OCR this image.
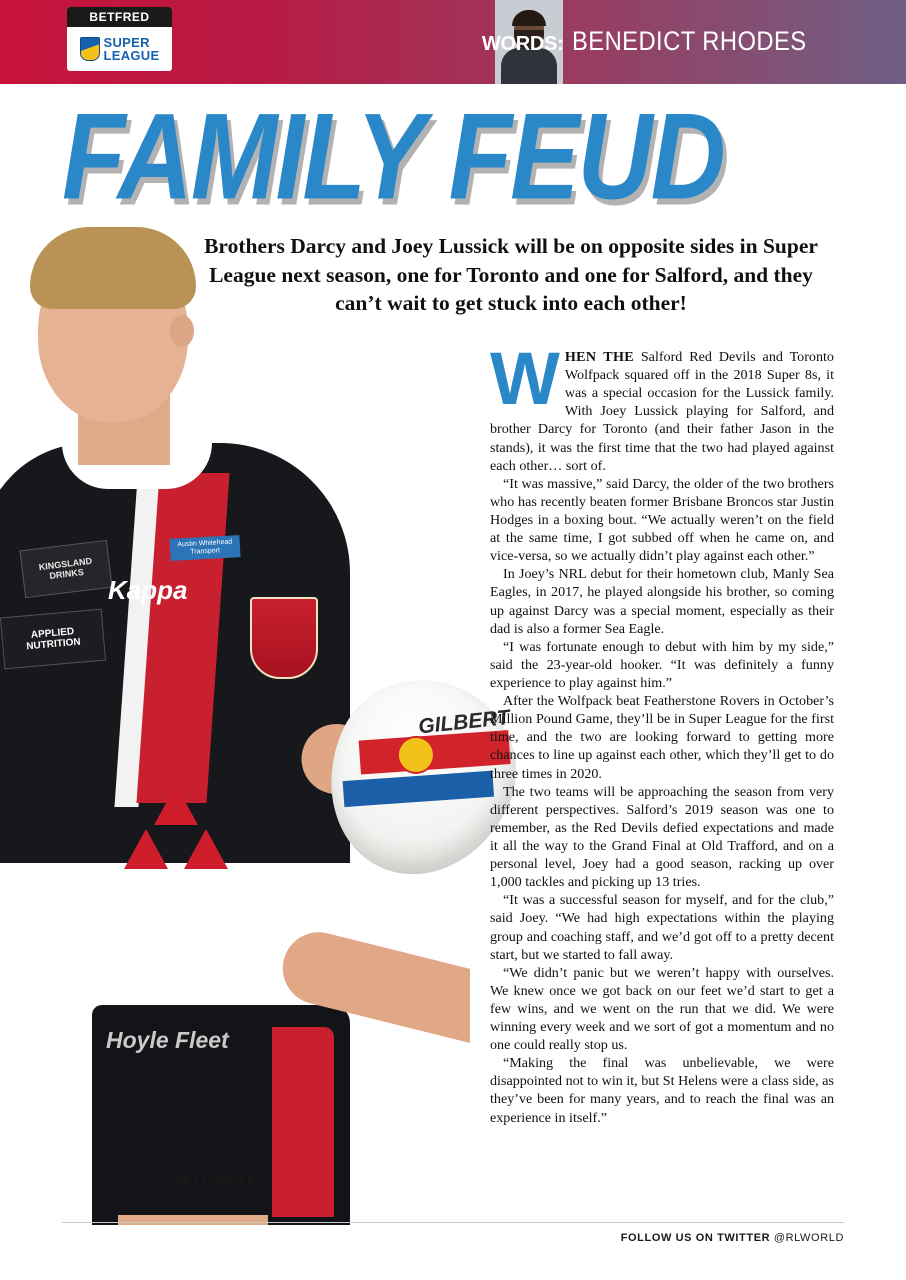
BETFRED
SUPER
LEAGUE
WORDS: BENEDICT RHODES
FAMILY FEUD
Brothers Darcy and Joey Lussick will be on opposite sides in Super League next season, one for Toronto and one for Salford, and they can’t wait to get stuck into each other!
KINGSLAND DRINKS
APPLIED NUTRITION
Austin Whitehead Transport
Kappa
MITSUBISHI
MOTORS
Hoyle Fleet
GILBERT
JOEY LUSSICK

WHEN THE Salford Red Devils and Toronto Wolfpack squared off in the 2018 Super 8s, it was a special occasion for the Lussick family. With Joey Lussick playing for Salford, and brother Darcy for Toronto (and their father Jason in the stands), it was the first time that the two had played against each other… sort of.

“It was massive,” said Darcy, the older of the two brothers who has recently beaten former Brisbane Broncos star Justin Hodges in a boxing bout. “We actually weren’t on the field at the same time, I got subbed off when he came on, and vice-versa, so we actually didn’t play against each other.”

In Joey’s NRL debut for their hometown club, Manly Sea Eagles, in 2017, he played alongside his brother, so coming up against Darcy was a special moment, especially as their dad is also a former Sea Eagle.

“I was fortunate enough to debut with him by my side,” said the 23-year-old hooker. “It was definitely a funny experience to play against him.”

After the Wolfpack beat Featherstone Rovers in October’s Million Pound Game, they’ll be in Super League for the first time, and the two are looking forward to getting more chances to line up against each other, which they’ll get to do three times in 2020.

The two teams will be approaching the season from very different perspectives. Salford’s 2019 season was one to remember, as the Red Devils defied expectations and made it all the way to the Grand Final at Old Trafford, and on a personal level, Joey had a good season, racking up over 1,000 tackles and picking up 13 tries.

“It was a successful season for myself, and for the club,” said Joey. “We had high expectations within the playing group and coaching staff, and we’d got off to a pretty decent start, but we started to fall away.

“We didn’t panic but we weren’t happy with ourselves. We knew once we got back on our feet we’d start to get a few wins, and we went on the run that we did. We were winning every week and we sort of got a momentum and no one could really stop us.

“Making the final was unbelievable, we were disappointed not to win it, but St Helens were a class side, as they’ve been for many years, and to reach the final was an experience in itself.”

FOLLOW US ON TWITTER @RLWORLD
